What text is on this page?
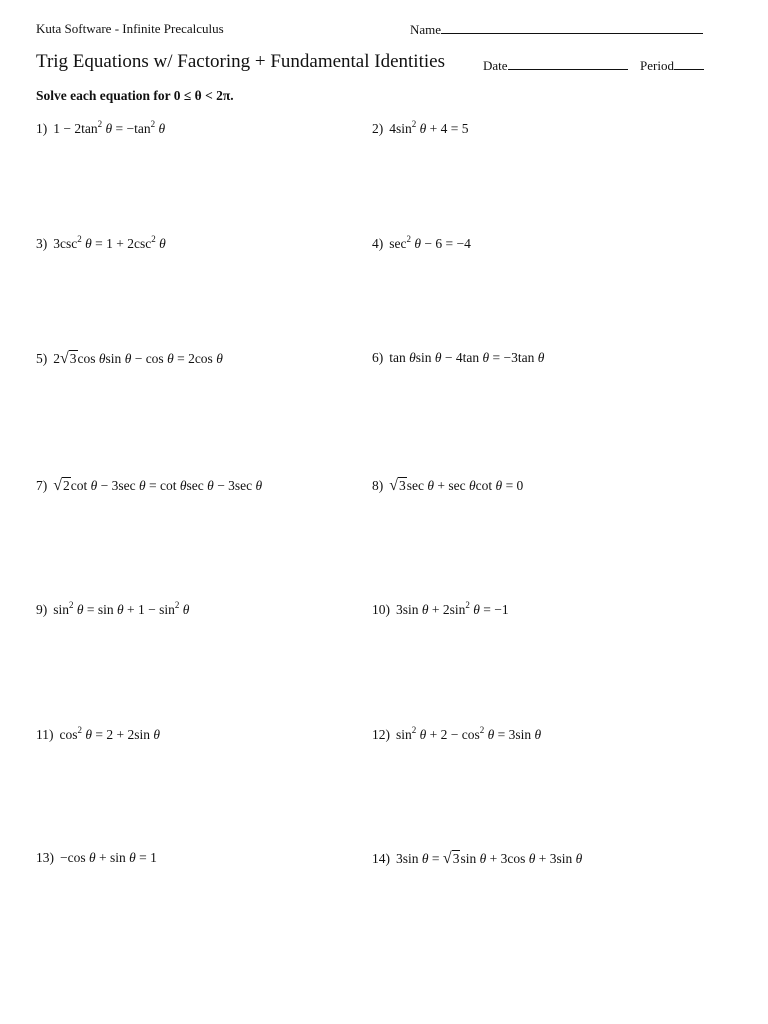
Kuta Software - Infinite Precalculus	Name
Trig Equations w/ Factoring + Fundamental Identities	Date	Period
Solve each equation for 0 ≤ θ < 2π.
1) $1 - 2\tan^2$ $\theta = -\tan^2$ θ	2) $4\sin^2$ θ + 4 = 5
3) $3\csc^2$ $\theta = 1 + 2\csc^2$ θ	4) $\sec^2 \theta - 6 = -4$
5) 2√3cos θsin θ − cos θ = 2cos θ	6) tan θsin θ − 4tan θ = −3tan θ
7) √2cot θ − 3sec θ = cot θsec θ − 3sec θ	8) √3sec θ + sec θcot θ = 0
9) $\sin^2 \theta = \sin \theta + 1 - \sin^2 \theta$	10) 3sin $\theta + 2\sin^2$ θ = −1
11) $\cos^2 \theta = 2 + 2\sin$ θ	12) $\sin^2 \theta + 2 - \cos^2 \theta = 3\sin$ θ
13) −cos θ + sin θ = 1	14) 3sin θ = √3sin θ + 3cos θ + 3sin θ
